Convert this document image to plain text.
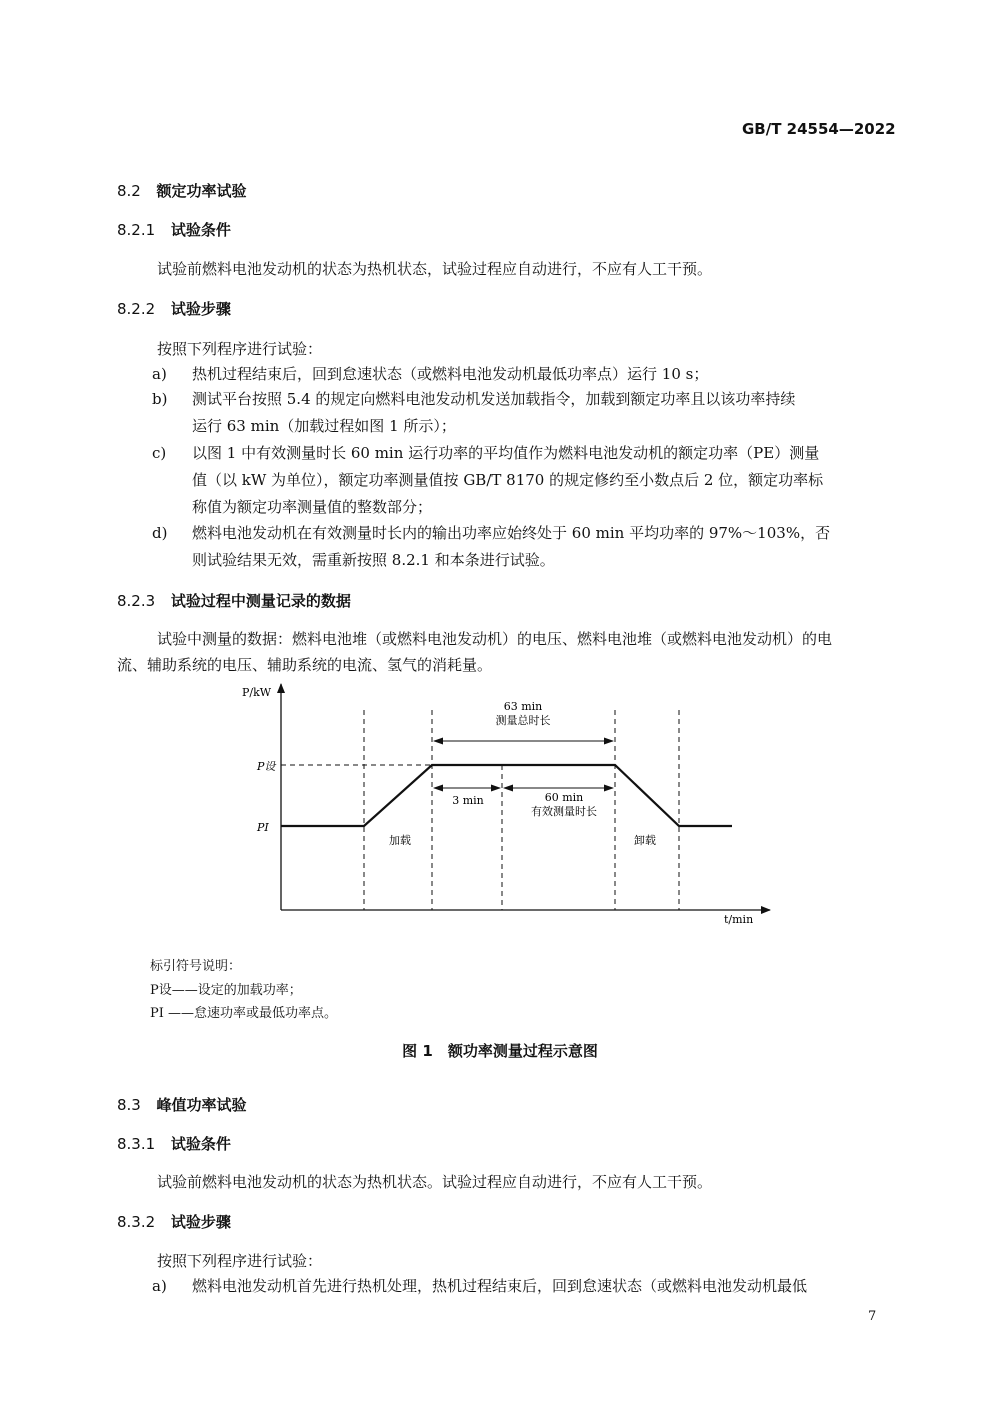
GB/T 24554—2022
8.2 额定功率试验
8.2.1 试验条件
试验前燃料电池发动机的状态为热机状态，试验过程应自动进行，不应有人工干预。
8.2.2 试验步骤
按照下列程序进行试验：
a) 热机过程结束后，回到怠速状态（或燃料电池发动机最低功率点）运行 10 s；
b) 测试平台按照 5.4 的规定向燃料电池发动机发送加载指令，加载到额定功率且以该功率持续
运行 63 min（加载过程如图 1 所示）；
c) 以图 1 中有效测量时长 60 min 运行功率的平均值作为燃料电池发动机的额定功率（PE）测量
值（以 kW 为单位），额定功率测量值按 GB/T 8170 的规定修约至小数点后 2 位，额定功率标
称值为额定功率测量值的整数部分；
d) 燃料电池发动机在有效测量时长内的输出功率应始终处于 60 min 平均功率的 97%～103%，否
则试验结果无效，需重新按照 8.2.1 和本条进行试验。
8.2.3 试验过程中测量记录的数据
试验中测量的数据：燃料电池堆（或燃料电池发动机）的电压、燃料电池堆（或燃料电池发动机）的电
流、辅助系统的电压、辅助系统的电流、氢气的消耗量。
P/kW
t/min
P设
PI
63 min
测量总时长
3 min	60 min
有效测量时长
加载	卸载
标引符号说明：
P设——设定的加载功率；
PI ——怠速功率或最低功率点。
图 1　额功率测量过程示意图
8.3 峰值功率试验
8.3.1 试验条件
试验前燃料电池发动机的状态为热机状态。试验过程应自动进行，不应有人工干预。
8.3.2 试验步骤
按照下列程序进行试验：
a) 燃料电池发动机首先进行热机处理，热机过程结束后，回到怠速状态（或燃料电池发动机最低
7
